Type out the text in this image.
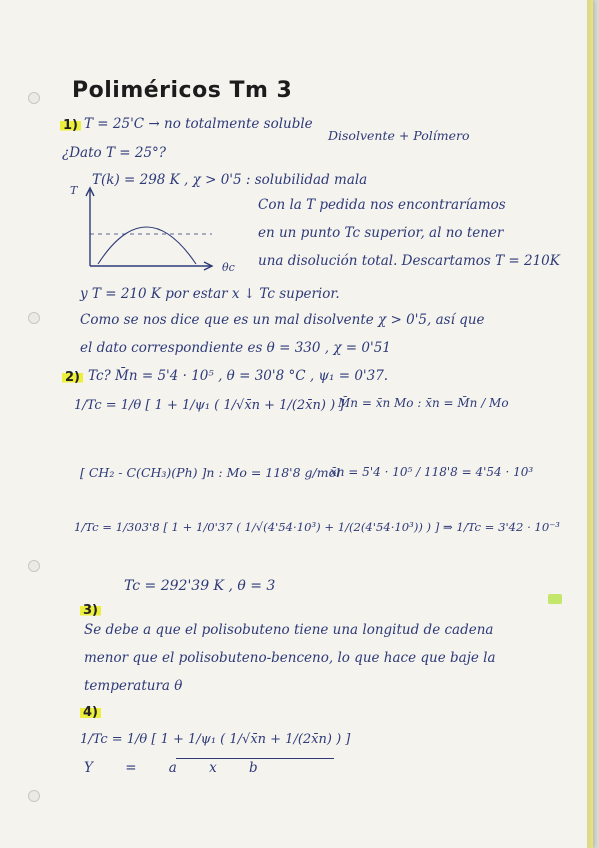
Poliméricos Tm 3
1) T = 25'C → no totalmente soluble
Disolvente + Polímero
¿Dato T = 25°?
T(k) = 298 K , χ > 0'5 : solubilidad mala
T
θc
Con la T pedida nos encontraríamos
en un punto Tc superior, al no tener
una disolución total. Descartamos T = 210K
y T = 210 K por estar x ↓ Tc superior.
Como se nos dice que es un mal disolvente χ > 0'5, así que
el dato correspondiente es θ = 330 , χ = 0'51
2) Tc? M̄n = 5'4 · 10⁵ , θ = 30'8 °C , ψ₁ = 0'37.
1/Tc = 1/θ [ 1 + 1/ψ₁ ( 1/√x̄n + 1/(2x̄n) ) ]
M̄n = x̄n Mo : x̄n = M̄n / Mo
[ CH₂ - C(CH₃)(Ph) ]n : Mo = 118'8 g/mol
x̄n = 5'4 · 10⁵ / 118'8 = 4'54 · 10³
1/Tc = 1/303'8 [ 1 + 1/0'37 ( 1/√(4'54·10³) + 1/(2(4'54·10³)) ) ] ⇒ 1/Tc = 3'42 · 10⁻³
Tc = 292'39 K , θ = 3
3)
Se debe a que el polisobuteno tiene una longitud de cadena
menor que el polisobuteno-benceno, lo que hace que baje la
temperatura θ
4)
1/Tc = 1/θ [ 1 + 1/ψ₁ ( 1/√x̄n + 1/(2x̄n) ) ]
Y = a x b
